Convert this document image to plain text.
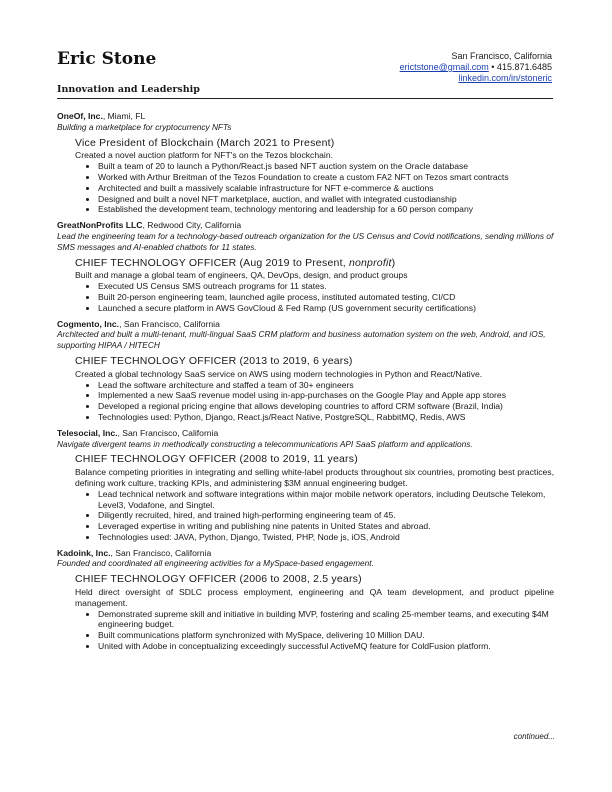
Eric Stone	San Francisco, California
erictstone@gmail.com • 415.871.6485
linkedin.com/in/stoneric
Innovation and Leadership
OneOf, Inc., Miami, FL
Building a marketplace for cryptocurrency NFTs
Vice President of Blockchain (March 2021 to Present)
Created a novel auction platform for NFT's on the Tezos blockchain.
• Built a team of 20 to launch a Python/React.js based NFT auction system on the Oracle database
• Worked with Arthur Breitman of the Tezos Foundation to create a custom FA2 NFT on Tezos smart contracts
• Architected and built a massively scalable infrastructure for NFT e-commerce & auctions
• Designed and built a novel NFT marketplace, auction, and wallet with integrated custodianship
• Established the development team, technology mentoring and leadership for a 60 person company
GreatNonProfits LLC, Redwood City, California
Lead the engineering team for a technology-based outreach organization for the US Census and Covid notifications, sending millions of SMS messages and AI-enabled chatbots for 11 states.
CHIEF TECHNOLOGY OFFICER (Aug 2019 to Present, nonprofit)
Built and manage a global team of engineers, QA, DevOps, design, and product groups
• Executed US Census SMS outreach programs for 11 states.
• Built 20-person engineering team, launched agile process, instituted automated testing, CI/CD
• Launched a secure platform in AWS GovCloud & Fed Ramp (US government security certifications)
Cogmento, Inc., San Francisco, California
Architected and built a multi-tenant, multi-lingual SaaS CRM platform and business automation system on the web, Android, and iOS, supporting HIPAA / HITECH
CHIEF TECHNOLOGY OFFICER (2013 to 2019, 6 years)
Created a global technology SaaS service on AWS using modern technologies in Python and React/Native.
• Lead the software architecture and staffed a team of 30+ engineers
• Implemented a new SaaS revenue model using in-app-purchases on the Google Play and Apple app stores
• Developed a regional pricing engine that allows developing countries to afford CRM software (Brazil, India)
• Technologies used: Python, Django, React.js/React Native, PostgreSQL, RabbitMQ, Redis, AWS
Telesocial, Inc., San Francisco, California
Navigate divergent teams in methodically constructing a telecommunications API SaaS platform and applications.
CHIEF TECHNOLOGY OFFICER (2008 to 2019, 11 years)
Balance competing priorities in integrating and selling white-label products throughout six countries, promoting best practices, defining work culture, tracking KPIs, and administering $3M annual engineering budget.
• Lead technical network and software integrations within major mobile network operators, including Deutsche Telekom, Level3, Vodafone, and Singtel.
• Diligently recruited, hired, and trained high-performing engineering team of 45.
• Leveraged expertise in writing and publishing nine patents in United States and abroad.
• Technologies used: JAVA, Python, Django, Twisted, PHP, Node js, iOS, Android
Kadoink, Inc., San Francisco, California
Founded and coordinated all engineering activities for a MySpace-based engagement.
CHIEF TECHNOLOGY OFFICER (2006 to 2008, 2.5 years)
Held direct oversight of SDLC process employment, engineering and QA team development, and product pipeline management.
• Demonstrated supreme skill and initiative in building MVP, fostering and scaling 25-member teams, and executing $4M engineering budget.
• Built communications platform synchronized with MySpace, delivering 10 Million DAU.
• United with Adobe in conceptualizing exceedingly successful ActiveMQ feature for ColdFusion platform.
continued...
